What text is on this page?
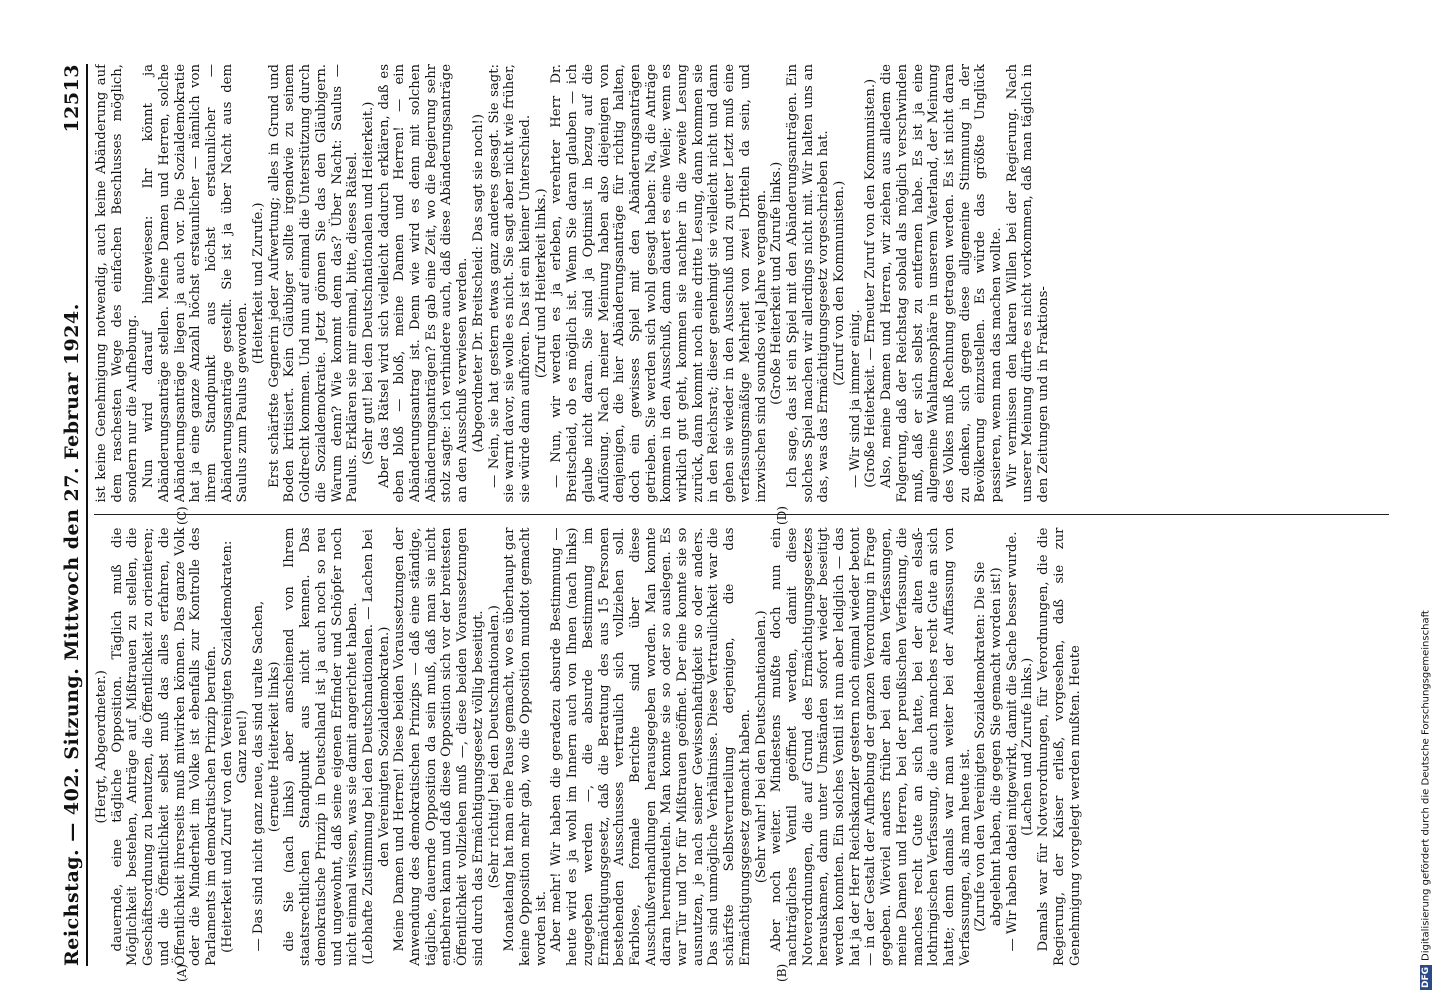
Reichstag. — 402. Sitzung. Mittwoch den 27. Februar 1924.
12513

(Hergt, Abgeordneter.) dauernde, eine tägliche Opposition. Täglich muß die Möglichkeit bestehen, Anträge auf Mißtrauen zu stellen, die Geschäftsordnung zu benutzen, die Öffentlichkeit zu orientieren; und die Öffentlichkeit selbst muß das alles erfahren, die Öffentlichkeit ihrerseits muß mitwirken können. Das ganze Volk oder die Minderheit im Volke ist ebenfalls zur Kontrolle des Parlaments im demokratischen Prinzip berufen. (Heiterkeit und Zuruf von den Vereinigten Sozialdemokraten: Ganz neu!) — Das sind nicht ganz neue, das sind uralte Sachen, (erneute Heiterkeit links) die Sie (nach links) aber anscheinend von Ihrem staatsrechtlichen Standpunkt aus nicht kennen. Das demokratische Prinzip in Deutschland ist ja auch noch so neu und ungewohnt, daß seine eigenen Erfinder und Schöpfer noch nicht einmal wissen, was sie damit angerichtet haben. (Lebhafte Zustimmung bei den Deutschnationalen. — Lachen bei den Vereinigten Sozialdemokraten.) Meine Damen und Herren! Diese beiden Voraussetzungen der Anwendung des demokratischen Prinzips — daß eine ständige, tägliche, dauernde Opposition da sein muß, daß man sie nicht entbehren kann und daß diese Opposition sich vor der breitesten Öffentlichkeit vollziehen muß —, diese beiden Voraussetzungen sind durch das Ermächtigungsgesetz völlig beseitigt. (Sehr richtig! bei den Deutschnationalen.) Monatelang hat man eine Pause gemacht, wo es überhaupt gar keine Opposition mehr gab, wo die Opposition mundtot gemacht worden ist. Aber mehr! Wir haben die geradezu absurde Bestimmung — heute wird es ja wohl im Innern auch von Ihnen (nach links) zugegeben werden —, die absurde Bestimmung im Ermächtigungsgesetz, daß die Beratung des aus 15 Personen bestehenden Ausschusses vertraulich sich vollziehen soll. Farblose, formale Berichte sind über diese Ausschußverhandlungen herausgegeben worden. Man konnte daran herumdeuteln. Man konnte sie so oder so auslegen. Es war Tür und Tor für Mißtrauen geöffnet. Der eine konnte sie so ausnutzen, je nach seiner Gewissenhaftigkeit so oder anders. Das sind unmögliche Verhältnisse. Diese Vertraulichkeit war die schärfste Selbstverurteilung derjenigen, die das Ermächtigungsgesetz gemacht haben. (Sehr wahr! bei den Deutschnationalen.) Aber noch weiter. Mindestens mußte doch nun ein nachträgliches Ventil geöffnet werden, damit diese Notverordnungen, die auf Grund des Ermächtigungsgesetzes herauskamen, dann unter Umständen sofort wieder beseitigt werden konnten. Ein solches Ventil ist nun aber lediglich — das hat ja der Herr Reichskanzler gestern noch einmal wieder betont — in der Gestalt der Aufhebung der ganzen Verordnung in Frage gegeben. Wieviel anders früher bei den alten Verfassungen, meine Damen und Herren, bei der preußischen Verfassung, die manches recht Gute an sich hatte, bei der alten elsaß-lothringischen Verfassung, die auch manches recht Gute an sich hatte; denn damals war man weiter bei der Auffassung von Verfassungen, als man heute ist. (Zurufe von den Vereinigten Sozialdemokraten: Die Sie abgelehnt haben, die gegen Sie gemacht worden ist!) — Wir haben dabei mitgewirkt, damit die Sache besser wurde. (Lachen und Zurufe links.) Damals war für Notverordnungen, für Verordnungen, die die Regierung, der Kaiser erließ, vorgesehen, daß sie zur Genehmigung vorgelegt werden mußten. Heute

ist keine Genehmigung notwendig, auch keine Abänderung auf dem raschesten Wege des einfachen Beschlusses möglich, sondern nur die Aufhebung. Nun wird darauf hingewiesen: Ihr könnt ja Abänderungsanträge stellen. Meine Damen und Herren, solche Abänderungsanträge liegen ja auch vor. Die Sozialdemokratie hat ja eine ganze Anzahl höchst erstaunlicher — nämlich von ihrem Standpunkt aus höchst erstaunlicher — Abänderungsanträge gestellt. Sie ist ja über Nacht aus dem Saulus zum Paulus geworden.

(Heiterkeit und Zurufe.) Erst schärfste Gegnerin jeder Aufwertung; alles in Grund und Boden kritisiert. Kein Gläubiger sollte irgendwie zu seinem Goldrecht kommen. Und nun auf einmal die Unterstützung durch die Sozialdemokratie. Jetzt gönnen Sie das den Gläubigern. Warum denn? Wie kommt denn das? Über Nacht: Saulus — Paulus. Erklären sie mir einmal, bitte, dieses Rätsel. (Sehr gut! bei den Deutschnationalen und Heiterkeit.) Aber das Rätsel wird sich vielleicht dadurch erklären, daß es eben bloß — bloß, meine Damen und Herren! — ein Abänderungsantrag ist. Denn wie wird es denn mit solchen Abänderungsanträgen? Es gab eine Zeit, wo die Regierung sehr stolz sagte: ich verhindere auch, daß diese Abänderungsanträge an den Ausschuß verwiesen werden. (Abgeordneter Dr. Breitscheid: Das sagt sie noch!) — Nein, sie hat gestern etwas ganz anderes gesagt. Sie sagt: sie warnt davor, sie wolle es nicht. Sie sagt aber nicht wie früher, sie würde dann aufhören. Das ist ein kleiner Unterschied. (Zuruf und Heiterkeit links.) — Nun, wir werden es ja erleben, verehrter Herr Dr. Breitscheid, ob es möglich ist. Wenn Sie daran glauben — ich glaube nicht daran. Sie sind ja Optimist in bezug auf die Auflösung. Nach meiner Meinung haben also diejenigen von denjenigen, die hier Abänderungsanträge für richtig halten, doch ein gewisses Spiel mit den Abänderungsanträgen getrieben. Sie werden sich wohl gesagt haben: Na, die Anträge kommen in den Ausschuß, dann dauert es eine Weile; wenn es wirklich gut geht, kommen sie nachher in die zweite Lesung zurück, dann kommt noch eine dritte Lesung, dann kommen sie in den Reichsrat; dieser genehmigt sie vielleicht nicht und dann gehen sie wieder in den Ausschuß und zu guter Letzt muß eine verfassungsmäßige Mehrheit von zwei Dritteln da sein, und inzwischen sind soundso viel Jahre vergangen. (Große Heiterkeit und Zurufe links.) Ich sage, das ist ein Spiel mit den Abänderungsanträgen. Ein solches Spiel machen wir allerdings nicht mit. Wir halten uns an das, was das Ermächtigungsgesetz vorgeschrieben hat. (Zuruf von den Kommunisten.)

— Wir sind ja immer einig. (Große Heiterkeit. — Erneuter Zuruf von den Kommunisten.) Also, meine Damen und Herren, wir ziehen aus alledem die Folgerung, daß der Reichstag sobald als möglich verschwinden muß, daß er sich selbst zu entfernen habe. Es ist ja eine allgemeine Wahlatmosphäre in unserem Vaterland, der Meinung des Volkes muß Rechnung getragen werden. Es ist nicht daran zu denken, sich gegen diese allgemeine Stimmung in der Bevölkerung einzustellen. Es würde das größte Unglück passieren, wenn man das machen wollte. Wir vermissen den klaren Willen bei der Regierung. Nach unserer Meinung dürfte es nicht vorkommen, daß man täglich in den Zeitungen und in Fraktions-

(A)	(B)
(C)	(D)
DFG
Digitalisierung gefördert durch die Deutsche Forschungsgemeinschaft
